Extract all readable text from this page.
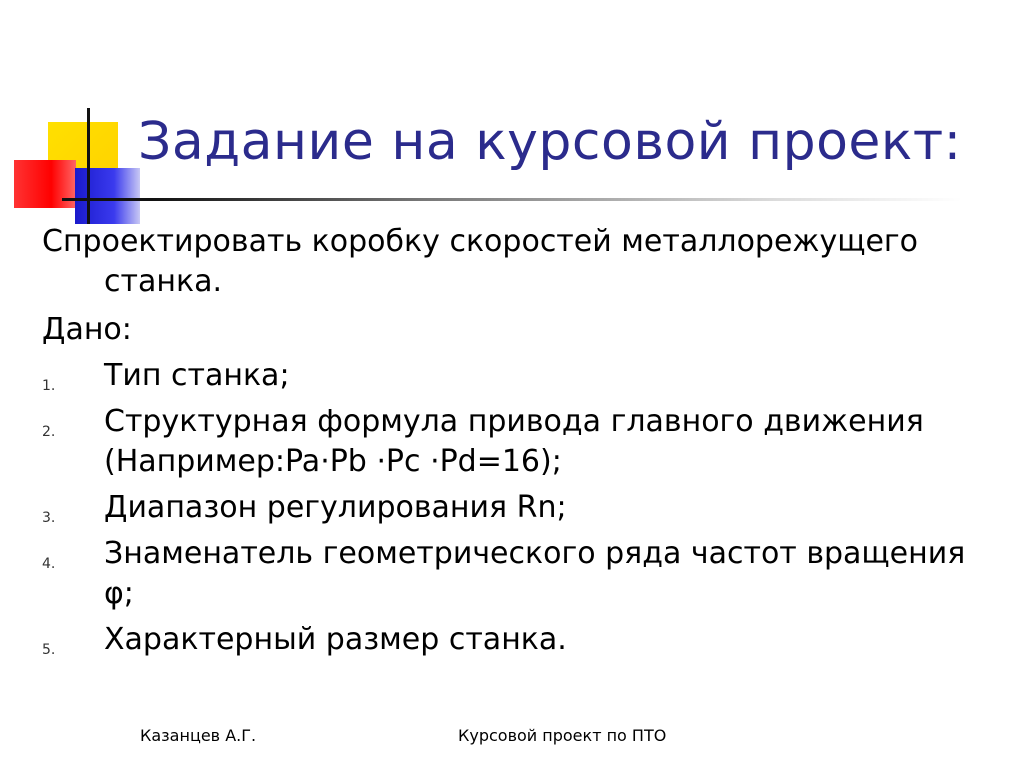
Задание на курсовой проект:
Спроектировать коробку скоростей металлорежущего
станка.
Дано:
1. Тип станка;
2. Структурная формула привода главного движения
(Например:Pa⋅Pb ⋅Pc ⋅Pd=16);
3. Диапазон регулирования Rn;
4. Знаменатель геометрического ряда частот вращения
φ;
5. Характерный размер станка.
Казанцев А.Г.	Курсовой проект по ПТО
